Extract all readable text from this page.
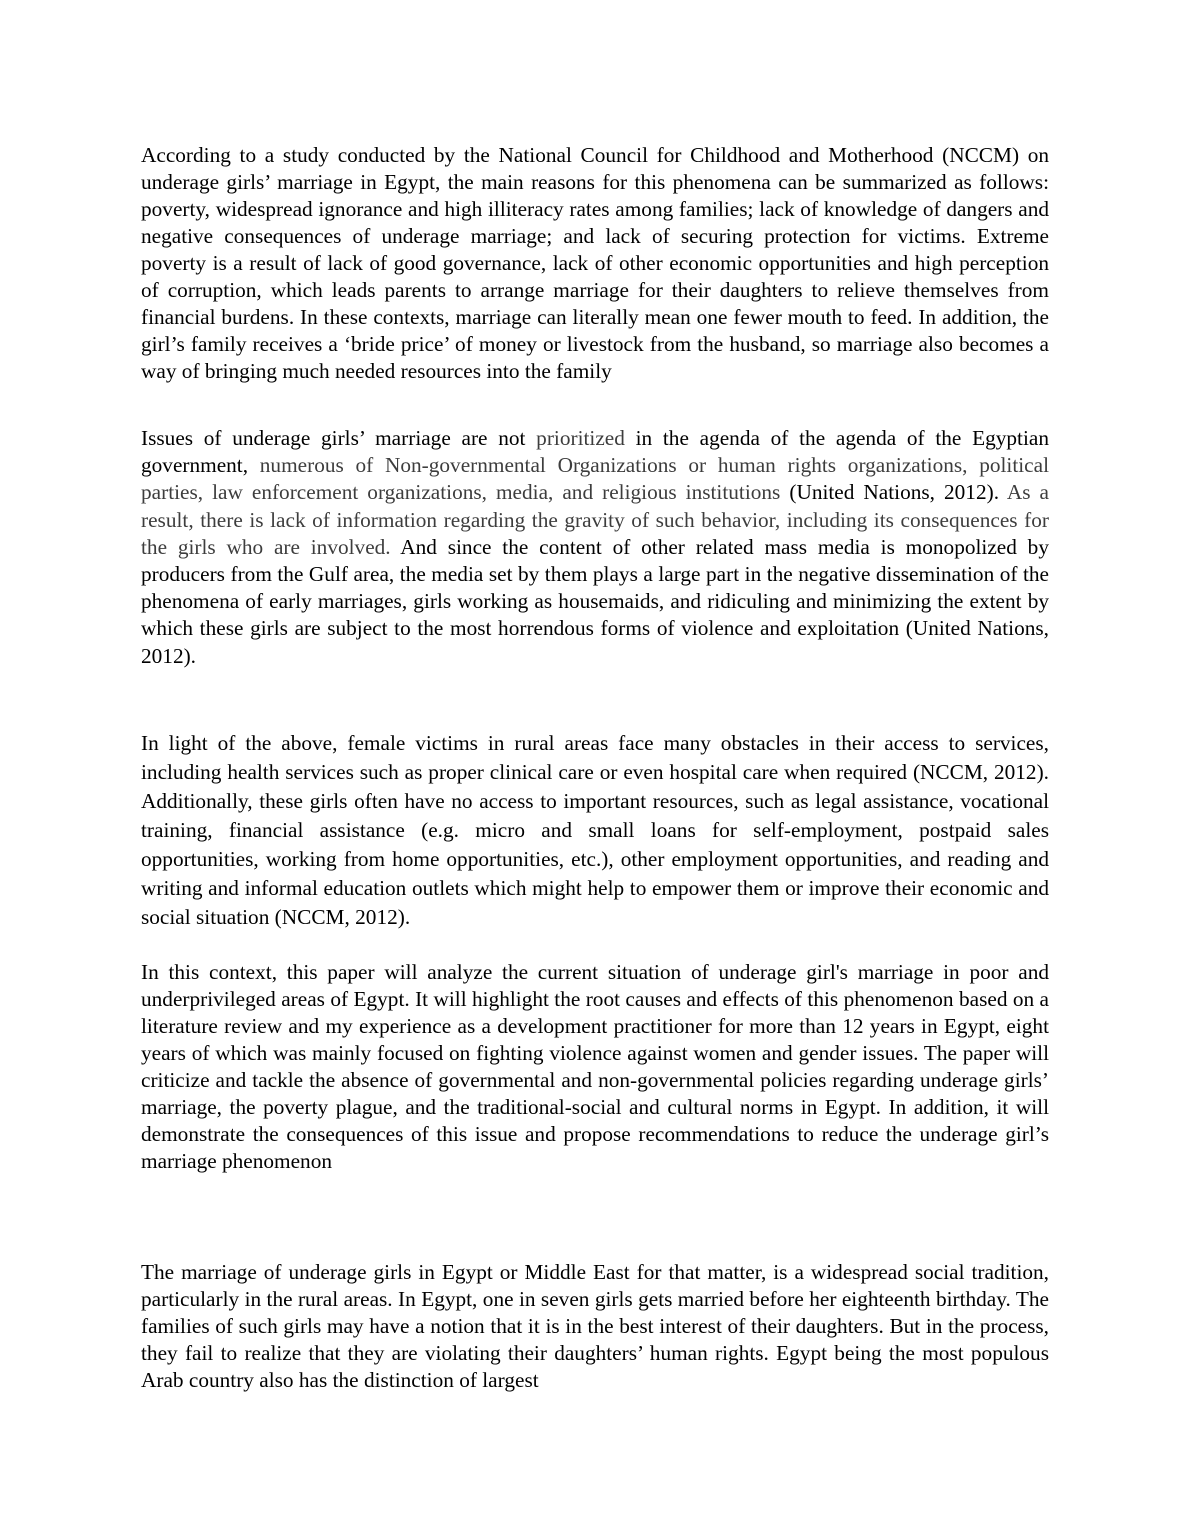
According to a study conducted by the National Council for Childhood and Motherhood (NCCM) on underage girls’ marriage in Egypt, the main reasons for this phenomena can be summarized as follows: poverty, widespread ignorance and high illiteracy rates among families; lack of knowledge of dangers and negative consequences of underage marriage; and lack of securing protection for victims. Extreme poverty is a result of lack of good governance, lack of other economic opportunities and high perception of corruption, which leads parents to arrange marriage for their daughters to relieve themselves from financial burdens. In these contexts, marriage can literally mean one fewer mouth to feed. In addition, the girl’s family receives a ‘bride price’ of money or livestock from the husband, so marriage also becomes a way of bringing much needed resources into the family

Issues of underage girls’ marriage are not prioritized in the agenda of the agenda of the Egyptian government, numerous of Non-governmental Organizations or human rights organizations, political parties, law enforcement organizations, media, and religious institutions (United Nations, 2012). As a result, there is lack of information regarding the gravity of such behavior, including its consequences for the girls who are involved. And since the content of other related mass media is monopolized by producers from the Gulf area, the media set by them plays a large part in the negative dissemination of the phenomena of early marriages, girls working as housemaids, and ridiculing and minimizing the extent by which these girls are subject to the most horrendous forms of violence and exploitation (United Nations, 2012).

In light of the above, female victims in rural areas face many obstacles in their access to services, including health services such as proper clinical care or even hospital care when required (NCCM, 2012). Additionally, these girls often have no access to important resources, such as legal assistance, vocational training, financial assistance (e.g. micro and small loans for self-employment, postpaid sales opportunities, working from home opportunities, etc.), other employment opportunities, and reading and writing and informal education outlets which might help to empower them or improve their economic and social situation (NCCM, 2012).

In this context, this paper will analyze the current situation of underage girl's marriage in poor and underprivileged areas of Egypt. It will highlight the root causes and effects of this phenomenon based on a literature review and my experience as a development practitioner for more than 12 years in Egypt, eight years of which was mainly focused on fighting violence against women and gender issues. The paper will criticize and tackle the absence of governmental and non-governmental policies regarding underage girls’ marriage, the poverty plague, and the traditional-social and cultural norms in Egypt. In addition, it will demonstrate the consequences of this issue and propose recommendations to reduce the underage girl’s marriage phenomenon

The marriage of underage girls in Egypt or Middle East for that matter, is a widespread social tradition, particularly in the rural areas. In Egypt, one in seven girls gets married before her eighteenth birthday. The families of such girls may have a notion that it is in the best interest of their daughters. But in the process, they fail to realize that they are violating their daughters’ human rights. Egypt being the most populous Arab country also has the distinction of largest
